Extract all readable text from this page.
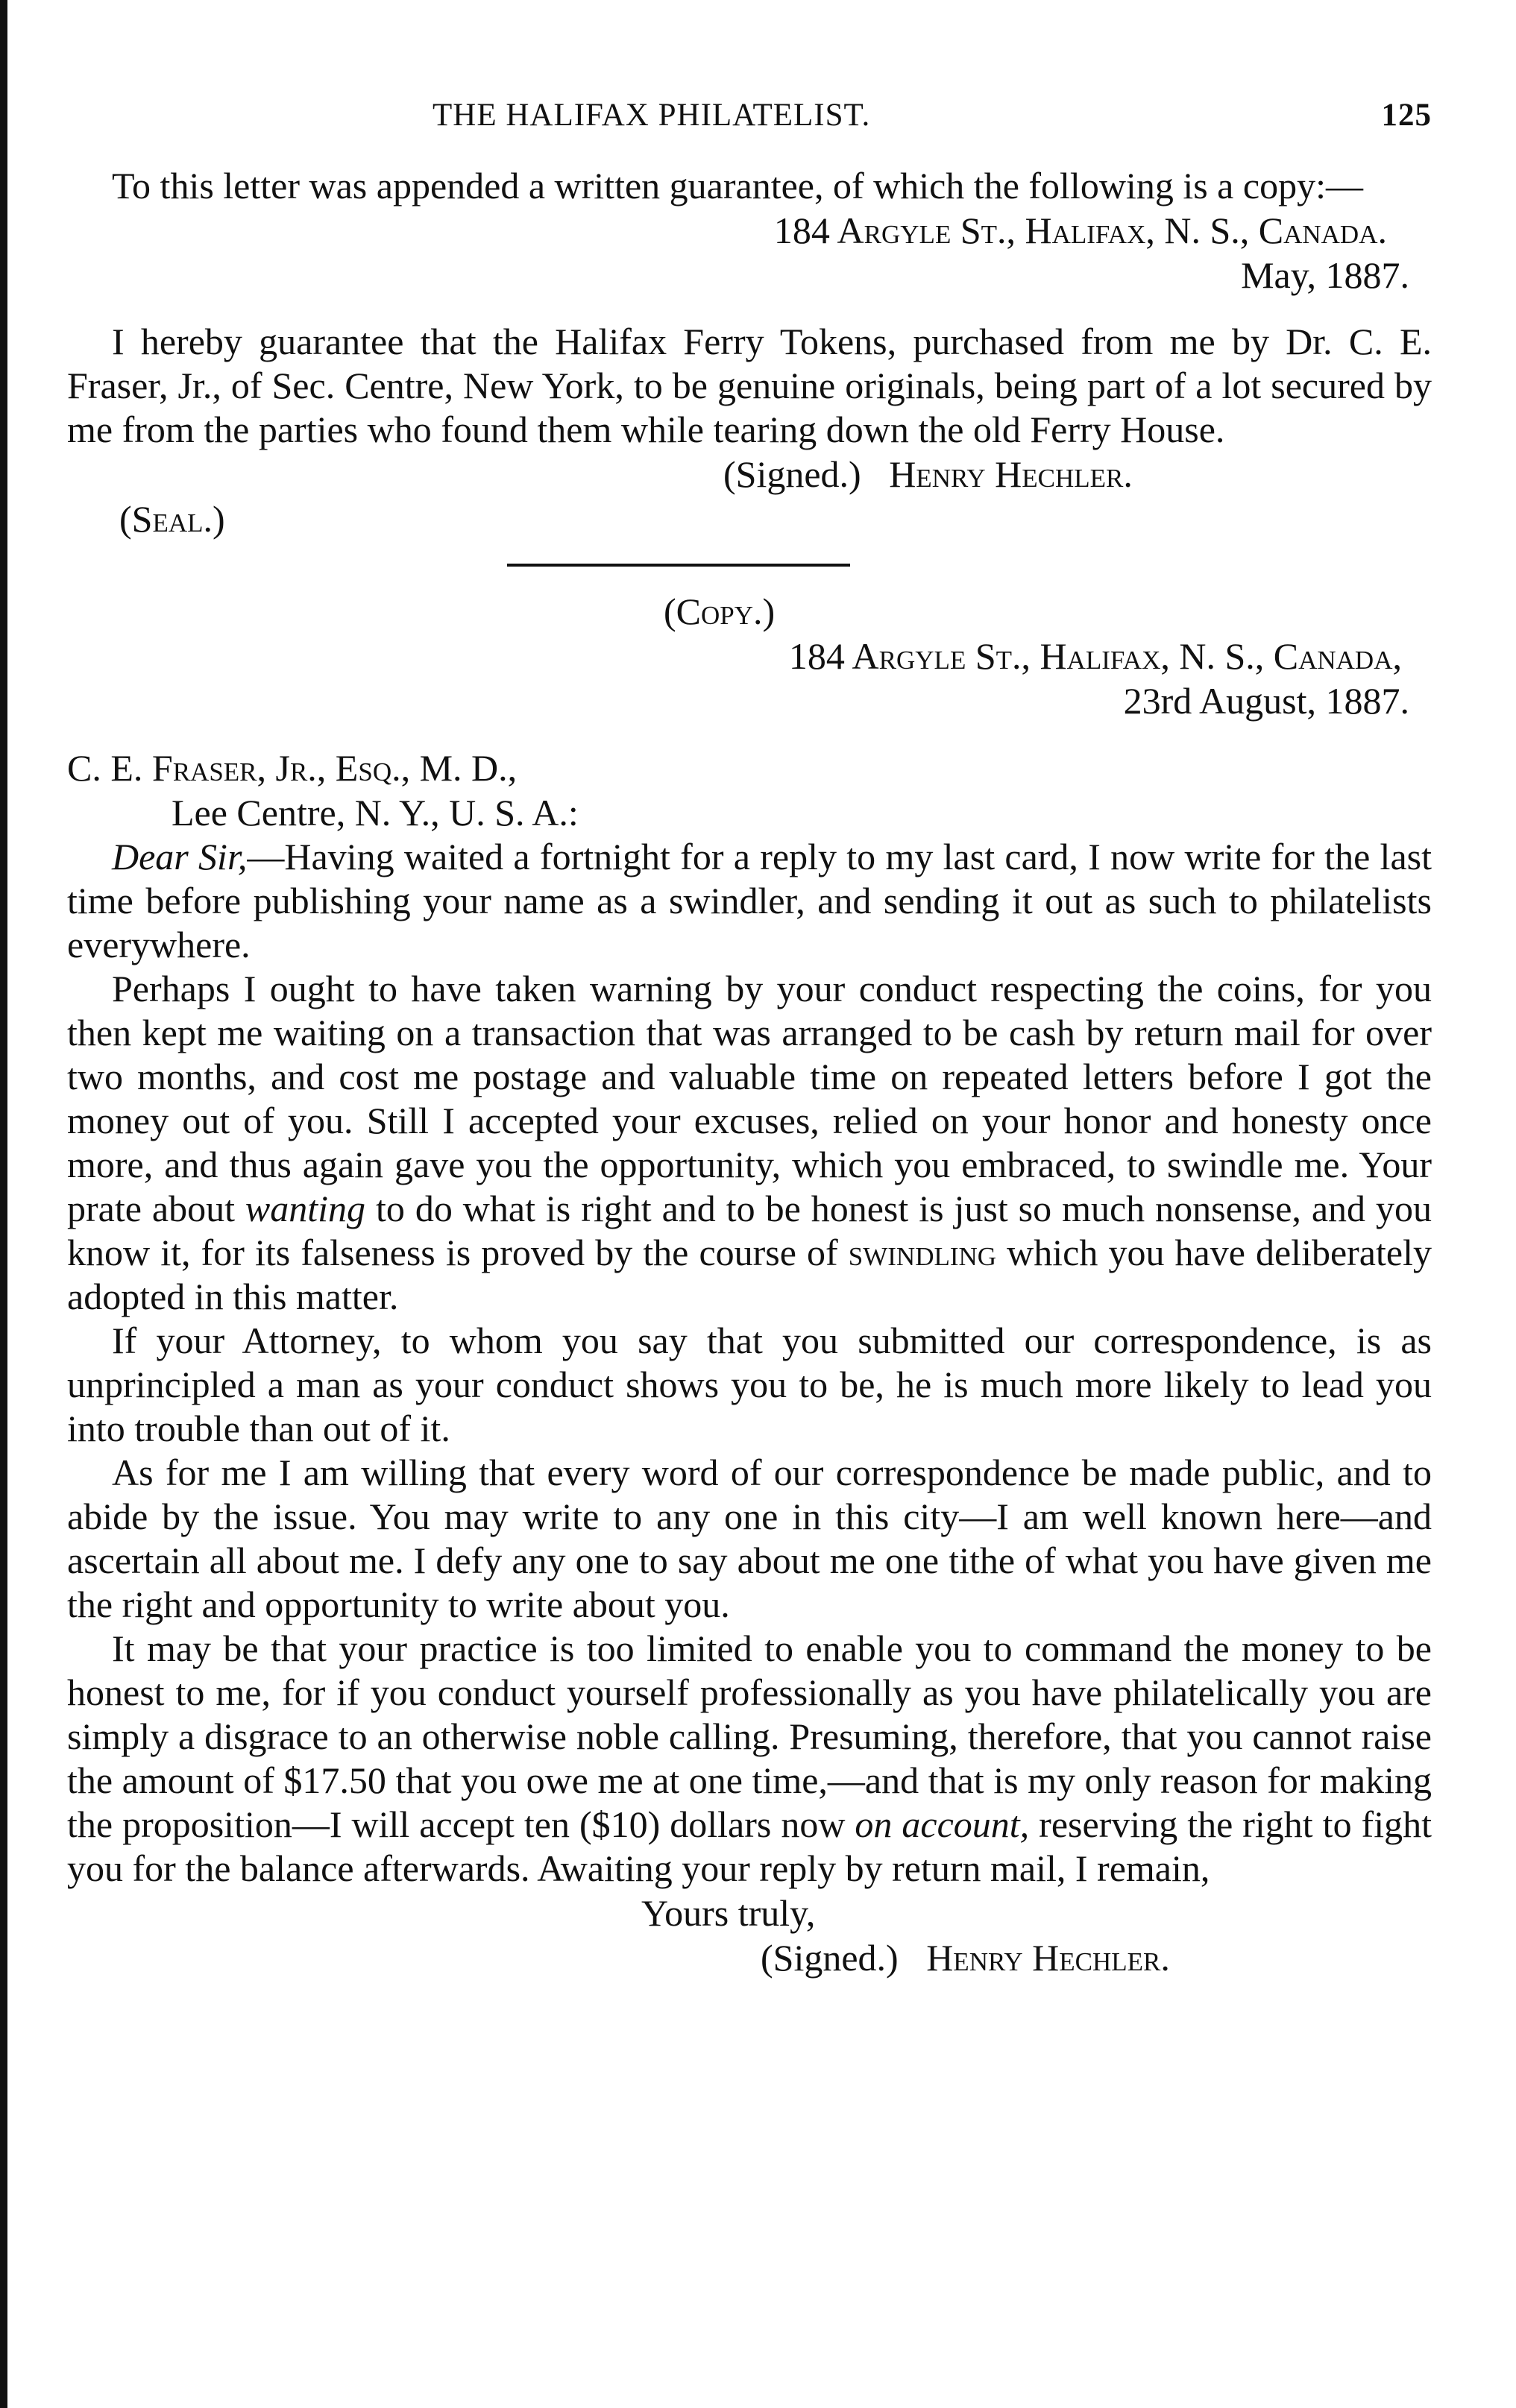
THE HALIFAX PHILATELIST.	125

To this letter was appended a written guarantee, of which the following is a copy:—

184 Argyle St., Halifax, N. S., Canada.

May, 1887.

I hereby guarantee that the Halifax Ferry Tokens, purchased from me by Dr. C. E. Fraser, Jr., of Sec. Centre, New York, to be genuine originals, being part of a lot secured by me from the parties who found them while tearing down the old Ferry House.

(Signed.) Henry Hechler.

(Seal.)

(Copy.)

184 Argyle St., Halifax, N. S., Canada,

23rd August, 1887.

C. E. Fraser, Jr., Esq., M. D.,

Lee Centre, N. Y., U. S. A.:

Dear Sir,—Having waited a fortnight for a reply to my last card, I now write for the last time before publishing your name as a swindler, and sending it out as such to philatelists everywhere.

Perhaps I ought to have taken warning by your conduct respecting the coins, for you then kept me waiting on a transaction that was arranged to be cash by return mail for over two months, and cost me postage and valuable time on repeated letters before I got the money out of you. Still I accepted your excuses, relied on your honor and honesty once more, and thus again gave you the opportunity, which you embraced, to swindle me. Your prate about wanting to do what is right and to be honest is just so much nonsense, and you know it, for its falseness is proved by the course of swindling which you have deliberately adopted in this matter.

If your Attorney, to whom you say that you submitted our correspondence, is as unprincipled a man as your conduct shows you to be, he is much more likely to lead you into trouble than out of it.

As for me I am willing that every word of our correspondence be made public, and to abide by the issue. You may write to any one in this city—I am well known here—and ascertain all about me. I defy any one to say about me one tithe of what you have given me the right and opportunity to write about you.

It may be that your practice is too limited to enable you to command the money to be honest to me, for if you conduct yourself professionally as you have philatelically you are simply a disgrace to an otherwise noble calling. Presuming, therefore, that you cannot raise the amount of $17.50 that you owe me at one time,—and that is my only reason for making the proposition—I will accept ten ($10) dollars now on account, reserving the right to fight you for the balance afterwards. Awaiting your reply by return mail, I remain,

Yours truly,

(Signed.) Henry Hechler.
